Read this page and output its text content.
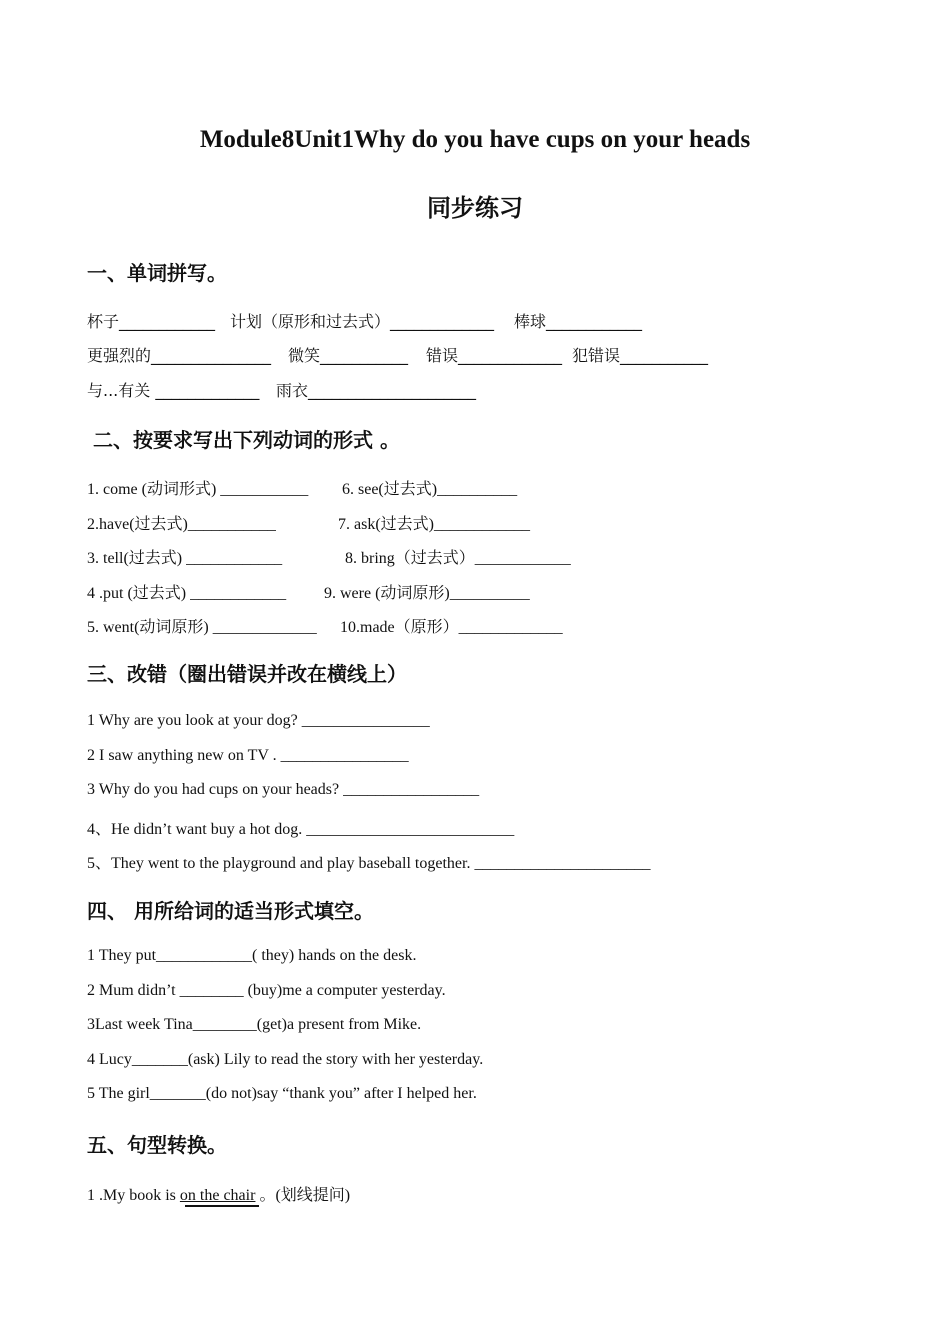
Module8Unit1Why do you have cups on your heads
同步练习
一、单词拼写。
杯子____________ 计划（原形和过去式）_____________ 棒球____________
更强烈的_______________ 微笑___________ 错误_____________ 犯错误___________
与...有关 _____________ 雨衣_____________________
二、按要求写出下列动词的形式 。
1. come (动词形式) ___________
2.have(过去式)___________
3. tell(过去式) ____________
4 .put (过去式) ____________
5. went(动词原形) _____________
6. see(过去式)__________
7. ask(过去式)____________
8. bring（过去式）____________
9. were (动词原形)__________
10.made（原形）_____________
三、改错（圈出错误并改在横线上）
1 Why are you look at your dog? ________________
2 I saw anything new on TV . ________________
3 Why do you had cups on your heads? _________________
4、He didn’t want buy a hot dog. __________________________
5、They went to the playground and play baseball together. ______________________
四、 用所给词的适当形式填空。
1 They put____________( they) hands on the desk.
2 Mum didn’t ________ (buy)me a computer yesterday.
3Last week Tina________(get)a present from Mike.
4 Lucy_______(ask) Lily to read the story with her yesterday.
5 The girl_______(do not)say “thank you” after I helped her.
五、句型转换。
1 .My book is on the chair 。(划线提问)
